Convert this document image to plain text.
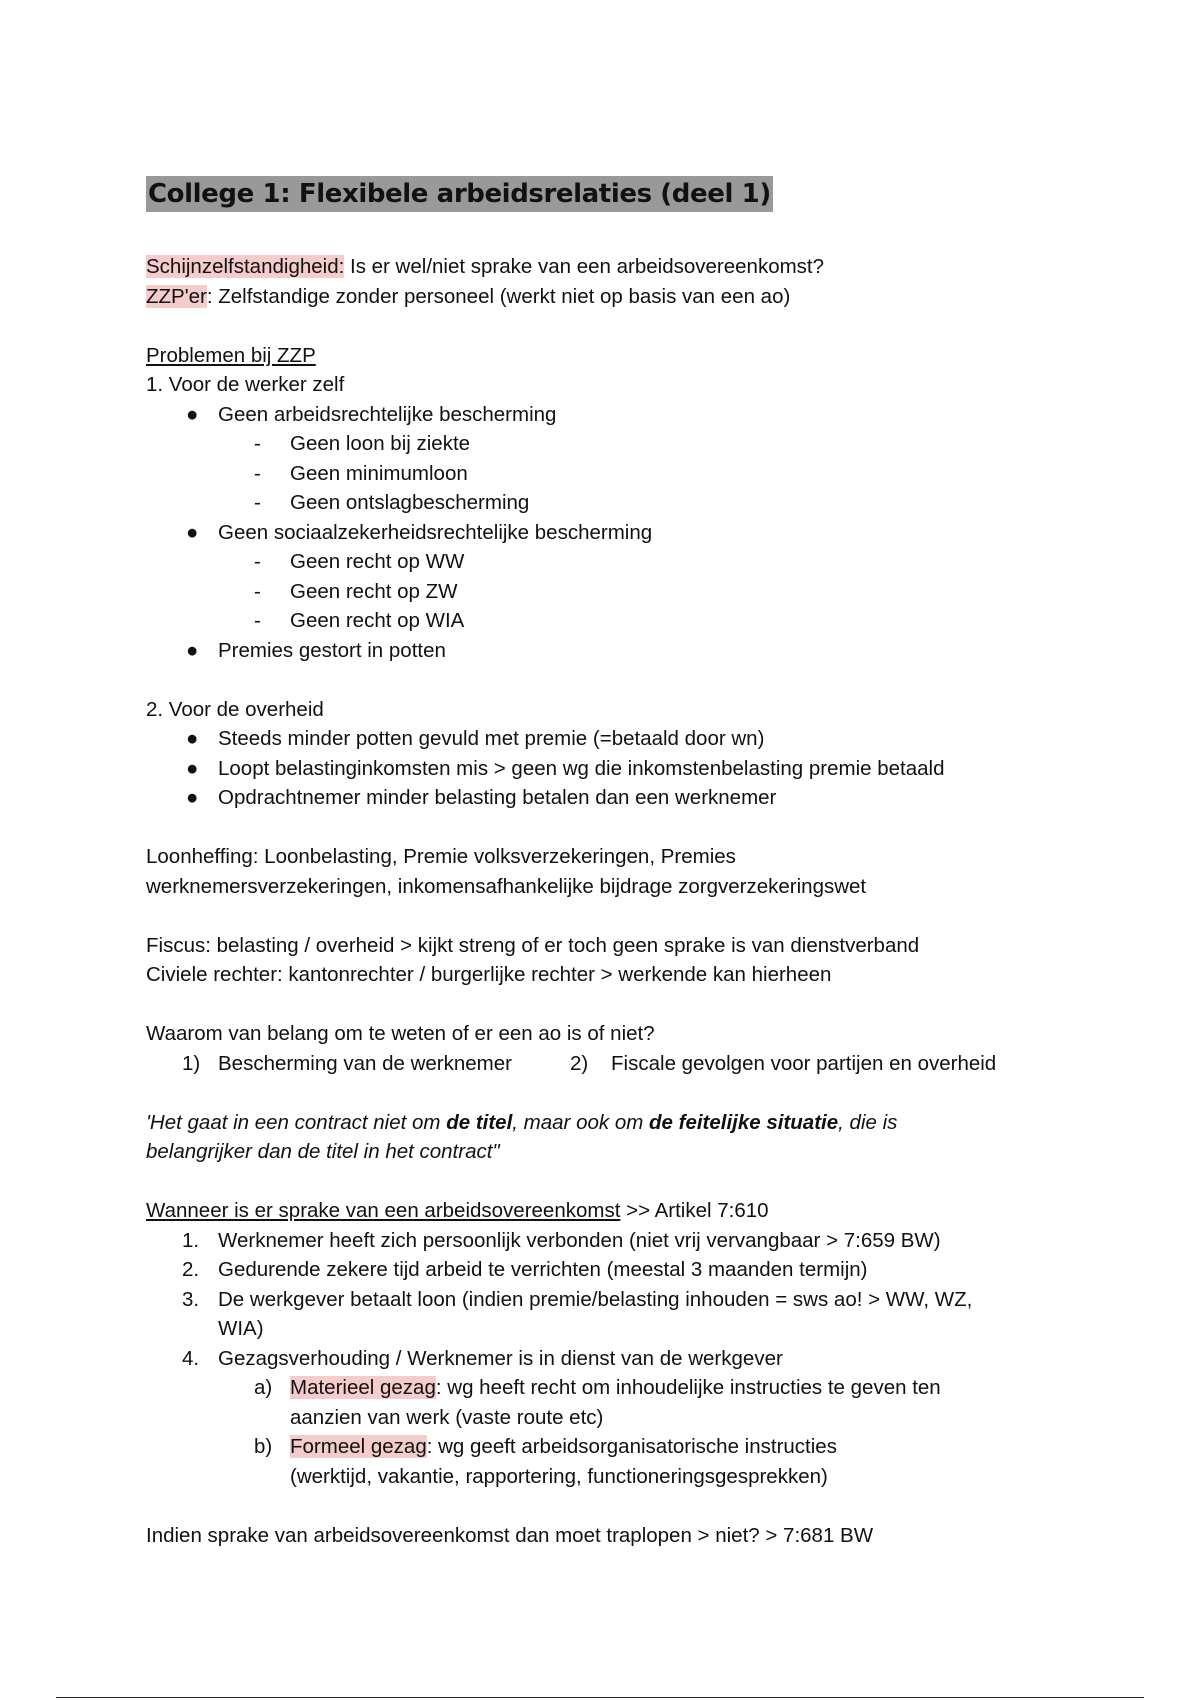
College 1: Flexibele arbeidsrelaties (deel 1)

Schijnzelfstandigheid: Is er wel/niet sprake van een arbeidsovereenkomst?

ZZP'er: Zelfstandige zonder personeel (werkt niet op basis van een ao)

Problemen bij ZZP

1. Voor de werker zelf

● Geen arbeidsrechtelijke bescherming
- Geen loon bij ziekte
- Geen minimumloon
- Geen ontslagbescherming
● Geen sociaalzekerheidsrechtelijke bescherming
- Geen recht op WW
- Geen recht op ZW
- Geen recht op WIA
● Premies gestort in potten

2. Voor de overheid

● Steeds minder potten gevuld met premie (=betaald door wn)
● Loopt belastinginkomsten mis > geen wg die inkomstenbelasting premie betaald
● Opdrachtnemer minder belasting betalen dan een werknemer

Loonheffing: Loonbelasting, Premie volksverzekeringen, Premies

werknemersverzekeringen, inkomensafhankelijke bijdrage zorgverzekeringswet

Fiscus: belasting / overheid > kijkt streng of er toch geen sprake is van dienstverband

Civiele rechter: kantonrechter / burgerlijke rechter > werkende kan hierheen

Waarom van belang om te weten of er een ao is of niet?

1) Bescherming van de werknemer	2) Fiscale gevolgen voor partijen en overheid

'Het gaat in een contract niet om de titel, maar ook om de feitelijke situatie, die is

belangrijker dan de titel in het contract"

Wanneer is er sprake van een arbeidsovereenkomst >> Artikel 7:610

1. Werknemer heeft zich persoonlijk verbonden (niet vrij vervangbaar > 7:659 BW)
2. Gedurende zekere tijd arbeid te verrichten (meestal 3 maanden termijn)
3. De werkgever betaalt loon (indien premie/belasting inhouden = sws ao! > WW, WZ,
WIA)
4. Gezagsverhouding / Werknemer is in dienst van de werkgever
a) Materieel gezag: wg heeft recht om inhoudelijke instructies te geven ten
aanzien van werk (vaste route etc)
b) Formeel gezag: wg geeft arbeidsorganisatorische instructies
(werktijd, vakantie, rapportering, functioneringsgesprekken)

Indien sprake van arbeidsovereenkomst dan moet traplopen > niet? > 7:681 BW
